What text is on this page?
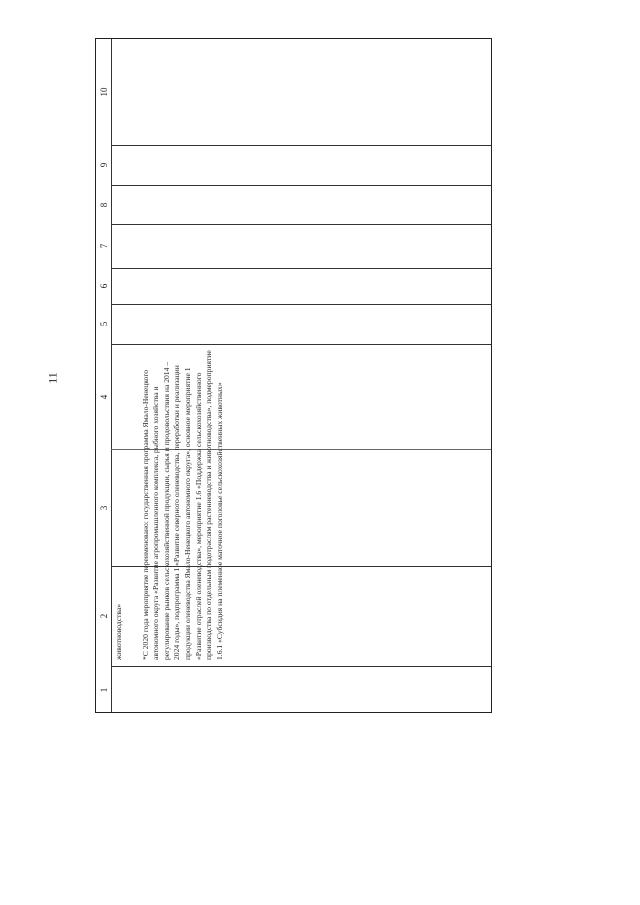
11
1
2
3
4
5
6
7
8
9
10

животноводства»	*С 2020 года мероприятие переименовано: государственная программа Ямало-Ненецкого автономного округа «Развитие агропромышленного комплекса, рыбного хозяйства и регулирование рынков сельскохозяйственной продукции, сырья и продовольствия на 2014 – 2024 годы», подпрограмма 1 «Развитие северного оленеводства, переработки и реализации продукции оленеводства Ямало-Ненецкого автономного округа», основное мероприятие 1 «Развитие отраслей оленеводства», мероприятие 1.6 «Поддержка сельскохозяйственного производства по отдельным подотраслям растениеводства и животноводства», подмероприятие 1.6.1 «Субсидия на племенное маточное поголовье сельскохозяйственных животных»
